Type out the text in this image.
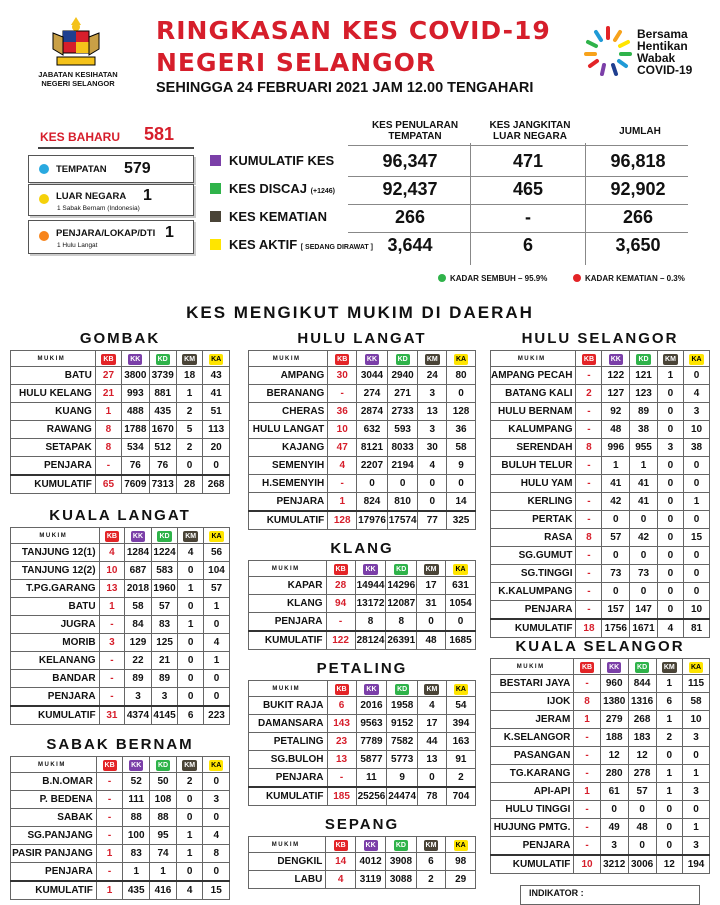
JABATAN KESIHATAN NEGERI SELANGOR
RINGKASAN KES COVID-19
NEGERI SELANGOR
SEHINGGA 24 FEBRUARI 2021 JAM 12.00 TENGAHARI
Bersama
Hentikan
Wabak
COVID-19
KES BAHARU 581
TEMPATAN 579
LUAR NEGARA 1
1 Sabak Bernam (Indonesia)
PENJARA/LOKAP/DTI 1
1 Hulu Langat
KES PENULARAN TEMPATAN
KES JANGKITAN LUAR NEGARA	JUMLAH
KUMULATIF KES	96,347	471	96,818
KES DISCAJ (+1246)	92,437	465	92,902
KES KEMATIAN	266	-	266
KES AKTIF [ SEDANG DIRAWAT ] 3,644	6	3,650
KADAR SEMBUH – 95.9%	KADAR KEMATIAN – 0.3%
KES MENGIKUT MUKIM DI DAERAH
GOMBAK
MUKIM	KB	KK	KD	KM	KA
BATU	27	3800	3739	18	43
HULU KELANG	21	993	881	1	41
KUANG	1	488	435	2	51
RAWANG	8	1788	1670	5	113
SETAPAK	8	534	512	2	20
PENJARA	-	76	76	0	0
KUMULATIF	65	7609	7313	28	268
KUALA LANGAT
MUKIM	KB	KK	KD	KM	KA
TANJUNG 12(1)	4	1284	1224	4	56
TANJUNG 12(2)	10	687	583	0	104
T.PG.GARANG	13	2018	1960	1	57
BATU	1	58	57	0	1
JUGRA	-	84	83	1	0
MORIB	3	129	125	0	4
KELANANG	-	22	21	0	1
BANDAR	-	89	89	0	0
PENJARA	-	3	3	0	0
KUMULATIF	31	4374	4145	6	223
SABAK BERNAM
MUKIM	KB	KK	KD	KM	KA
B.N.OMAR	-	52	50	2	0
P. BEDENA	-	111	108	0	3
SABAK	-	88	88	0	0
SG.PANJANG	-	100	95	1	4
PASIR PANJANG	1	83	74	1	8
PENJARA	-	1	1	0	0
KUMULATIF	1	435	416	4	15
HULU LANGAT
MUKIM	KB	KK	KD	KM	KA
AMPANG	30	3044	2940	24	80
BERANANG	-	274	271	3	0
CHERAS	36	2874	2733	13	128
HULU LANGAT	10	632	593	3	36
KAJANG	47	8121	8033	30	58
SEMENYIH	4	2207	2194	4	9
H.SEMENYIH	-	0	0	0	0
PENJARA	1	824	810	0	14
KUMULATIF	128	17976	17574	77	325
KLANG
MUKIM	KB	KK	KD	KM	KA
KAPAR	28	14944	14296	17	631
KLANG	94	13172	12087	31	1054
PENJARA	-	8	8	0	0
KUMULATIF	122	28124	26391	48	1685
PETALING
MUKIM	KB	KK	KD	KM	KA
BUKIT RAJA	6	2016	1958	4	54
DAMANSARA	143	9563	9152	17	394
PETALING	23	7789	7582	44	163
SG.BULOH	13	5877	5773	13	91
PENJARA	-	11	9	0	2
KUMULATIF	185	25256	24474	78	704
SEPANG
MUKIM	KB	KK	KD	KM	KA
DENGKIL	14	4012	3908	6	98
LABU	4	3119	3088	2	29
HULU SELANGOR
MUKIM	KB	KK	KD	KM	KA
AMPANG PECAH	-	122	121	1	0
BATANG KALI	2	127	123	0	4
HULU BERNAM	-	92	89	0	3
KALUMPANG	-	48	38	0	10
SERENDAH	8	996	955	3	38
BULUH TELUR	-	1	1	0	0
HULU YAM	-	41	41	0	0
KERLING	-	42	41	0	1
PERTAK	-	0	0	0	0
RASA	8	57	42	0	15
SG.GUMUT	-	0	0	0	0
SG.TINGGI	-	73	73	0	0
K.KALUMPANG	-	0	0	0	0
PENJARA	-	157	147	0	10
KUMULATIF	18	1756	1671	4	81
KUALA SELANGOR
MUKIM	KB	KK	KD	KM	KA
BESTARI JAYA	-	960	844	1	115
IJOK	8	1380	1316	6	58
JERAM	1	279	268	1	10
K.SELANGOR	-	188	183	2	3
PASANGAN	-	12	12	0	0
TG.KARANG	-	280	278	1	1
API-API	1	61	57	1	3
HULU TINGGI	-	0	0	0	0
HUJUNG PMTG.	-	49	48	0	1
PENJARA	-	3	0	0	3
KUMULATIF	10	3212	3006	12	194
INDIKATOR :
